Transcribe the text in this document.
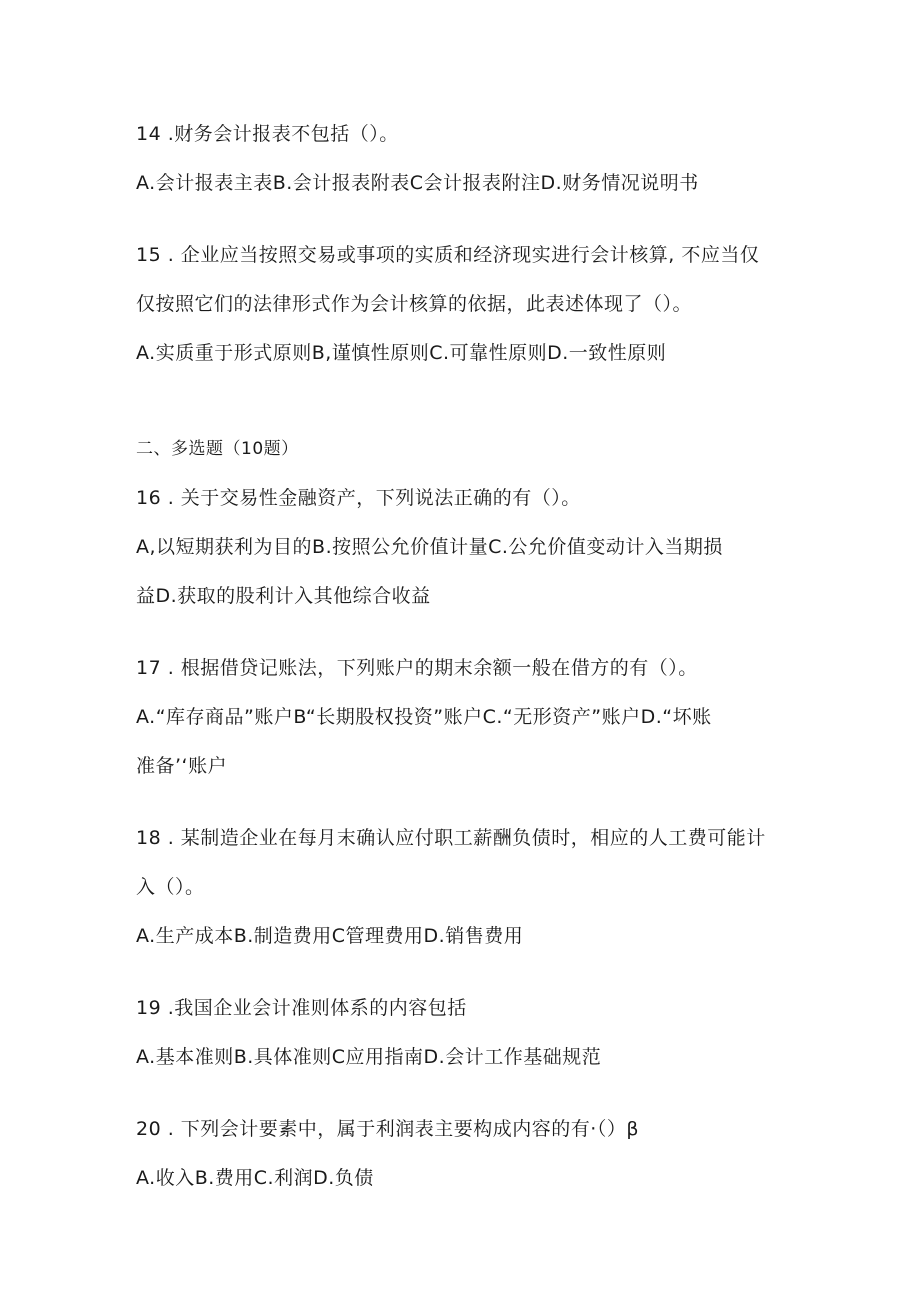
14 .财务会计报表不包括（）。
A.会计报表主表B.会计报表附表C会计报表附注D.财务情况说明书
15 . 企业应当按照交易或事项的实质和经济现实进行会计核算, 不应当仅
仅按照它们的法律形式作为会计核算的依据，此表述体现了（）。
A.实质重于形式原则B,谨慎性原则C.可靠性原则D.一致性原则
二、多选题（10题）
16 . 关于交易性金融资产，下列说法正确的有（）。
A,以短期获利为目的B.按照公允价值计量C.公允价值变动计入当期损
益D.获取的股利计入其他综合收益
17 . 根据借贷记账法，下列账户的期末余额一般在借方的有（）。
A.“库存商品”账户B“长期股权投资”账户C.“无形资产”账户D.“坏账
准备’‘账户
18 . 某制造企业在每月末确认应付职工薪酬负债时，相应的人工费可能计
入（）。
A.生产成本B.制造费用C管理费用D.销售费用
19 .我国企业会计准则体系的内容包括
A.基本准则B.具体准则C应用指南D.会计工作基础规范
20 . 下列会计要素中，属于利润表主要构成内容的有·（）β
A.收入B.费用C.利润D.负债
